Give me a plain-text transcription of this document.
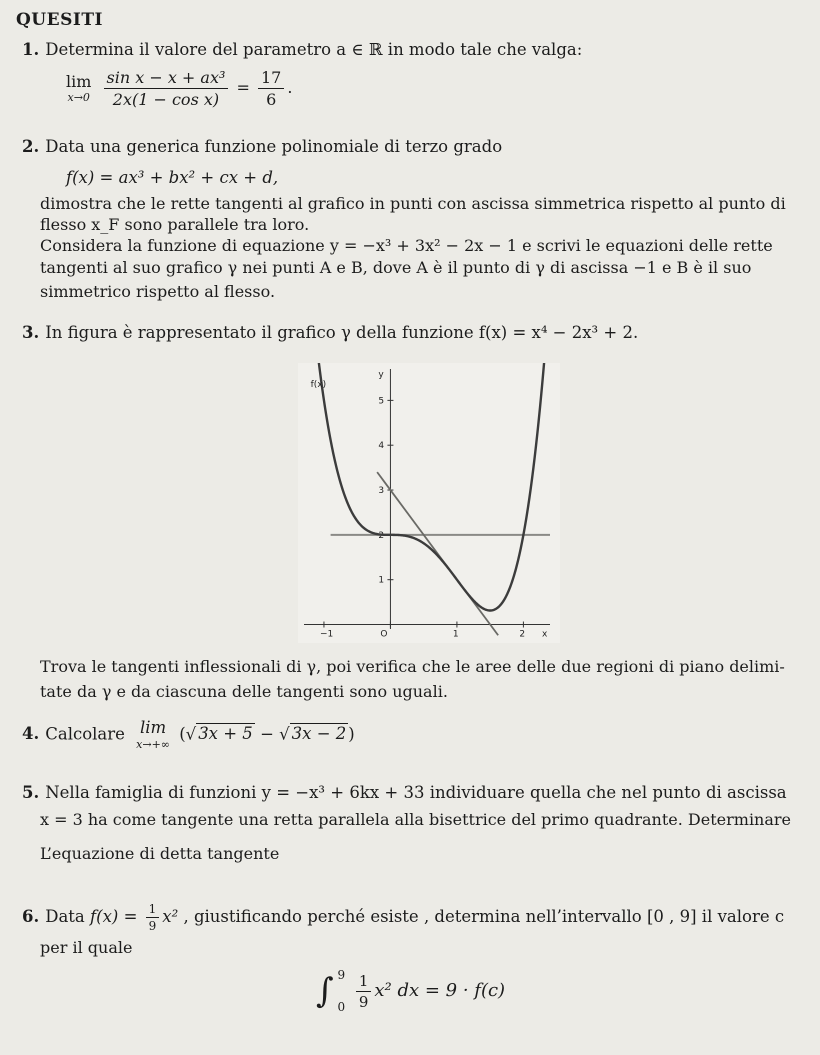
QUESITI
1. Determina il valore del parametro a ∈ ℝ in modo tale che valga:
lim
x→0
$\frac{\text{sin x − x + ax³}}{\text{2x(1 − cos x)}} = \frac{17}{6}$ .
2. Data una generica funzione polinomiale di terzo grado
f(x) = ax³ + bx² + cx + d,
dimostra che le rette tangenti al grafico in punti con ascissa simmetrica rispetto al punto di
flesso x_F sono parallele tra loro.
Considera la funzione di equazione y = −x³ + 3x² − 2x − 1 e scrivi le equazioni delle rette
tangenti al suo grafico γ nei punti A e B, dove A è il punto di γ di ascissa −1 e B è il suo
simmetrico rispetto al flesso.
3. In figura è rappresentato il grafico γ della funzione f(x) = x⁴ − 2x³ + 2.
1
2
3
4
5
−1	O	1	2
y
x
f(x)
Trova le tangenti inflessionali di γ, poi verifica che le aree delle due regioni di piano delimi-
tate da γ e da ciascuna delle tangenti sono uguali.
4. Calcolare lim
x→+∞
(√ 3x + 5 − √ 3x − 2 )
5. Nella famiglia di funzioni y = −x³ + 6kx + 33 individuare quella che nel punto di ascissa
x = 3 ha come tangente una retta parallela alla bisettrice del primo quadrante. Determinare
L’equazione di detta tangente
6. Data $f(x) = \frac{1}{9} x^2$ , giustificando perché esiste , determina nell’intervallo [0 , 9] il valore c
per il quale
∫ 9
0
$\frac{1}{9} x^2$ dx = 9 · f(c)
